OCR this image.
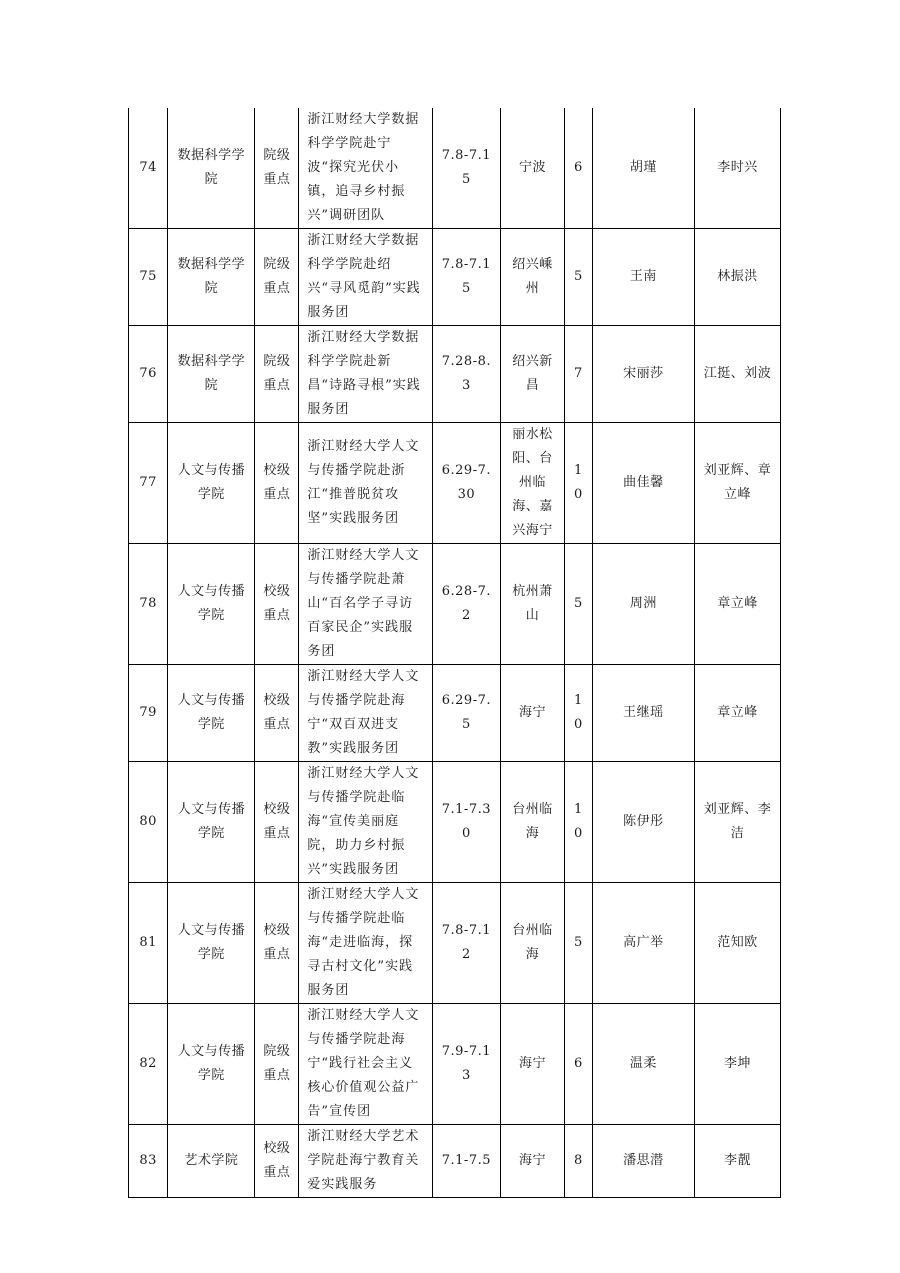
74	数据科学学院	院级重点	浙江财经大学数据科学学院赴宁波“探究光伏小镇，追寻乡村振兴”调研团队	7.8-7.15	宁波	6	胡瑾	李时兴
75	数据科学学院	院级重点	浙江财经大学数据科学学院赴绍兴“寻风觅韵”实践服务团	7.8-7.15	绍兴嵊州	5	王南	林振洪
76	数据科学学院	院级重点	浙江财经大学数据科学学院赴新昌“诗路寻根”实践服务团	7.28-8.3	绍兴新昌	7	宋丽莎	江挺、刘波
77	人文与传播学院	校级重点	浙江财经大学人文与传播学院赴浙江“推普脱贫攻坚”实践服务团	6.29-7.30	丽水松阳、台州临海、嘉兴海宁	10	曲佳馨	刘亚辉、章立峰
78	人文与传播学院	校级重点	浙江财经大学人文与传播学院赴萧山“百名学子寻访百家民企”实践服务团	6.28-7.2	杭州萧山	5	周洲	章立峰
79	人文与传播学院	校级重点	浙江财经大学人文与传播学院赴海宁“双百双进支教”实践服务团	6.29-7.5	海宁	10	王继瑶	章立峰
80	人文与传播学院	校级重点	浙江财经大学人文与传播学院赴临海“宣传美丽庭院，助力乡村振兴”实践服务团	7.1-7.30	台州临海	10	陈伊彤	刘亚辉、李洁
81	人文与传播学院	校级重点	浙江财经大学人文与传播学院赴临海“走进临海，探寻古村文化”实践服务团	7.8-7.12	台州临海	5	高广举	范知欧
82	人文与传播学院	院级重点	浙江财经大学人文与传播学院赴海宁“践行社会主义核心价值观公益广告”宣传团	7.9-7.13	海宁	6	温柔	李坤
83	艺术学院	校级重点	浙江财经大学艺术学院赴海宁教育关爱实践服务	7.1-7.5	海宁	8	潘思潜	李靓
